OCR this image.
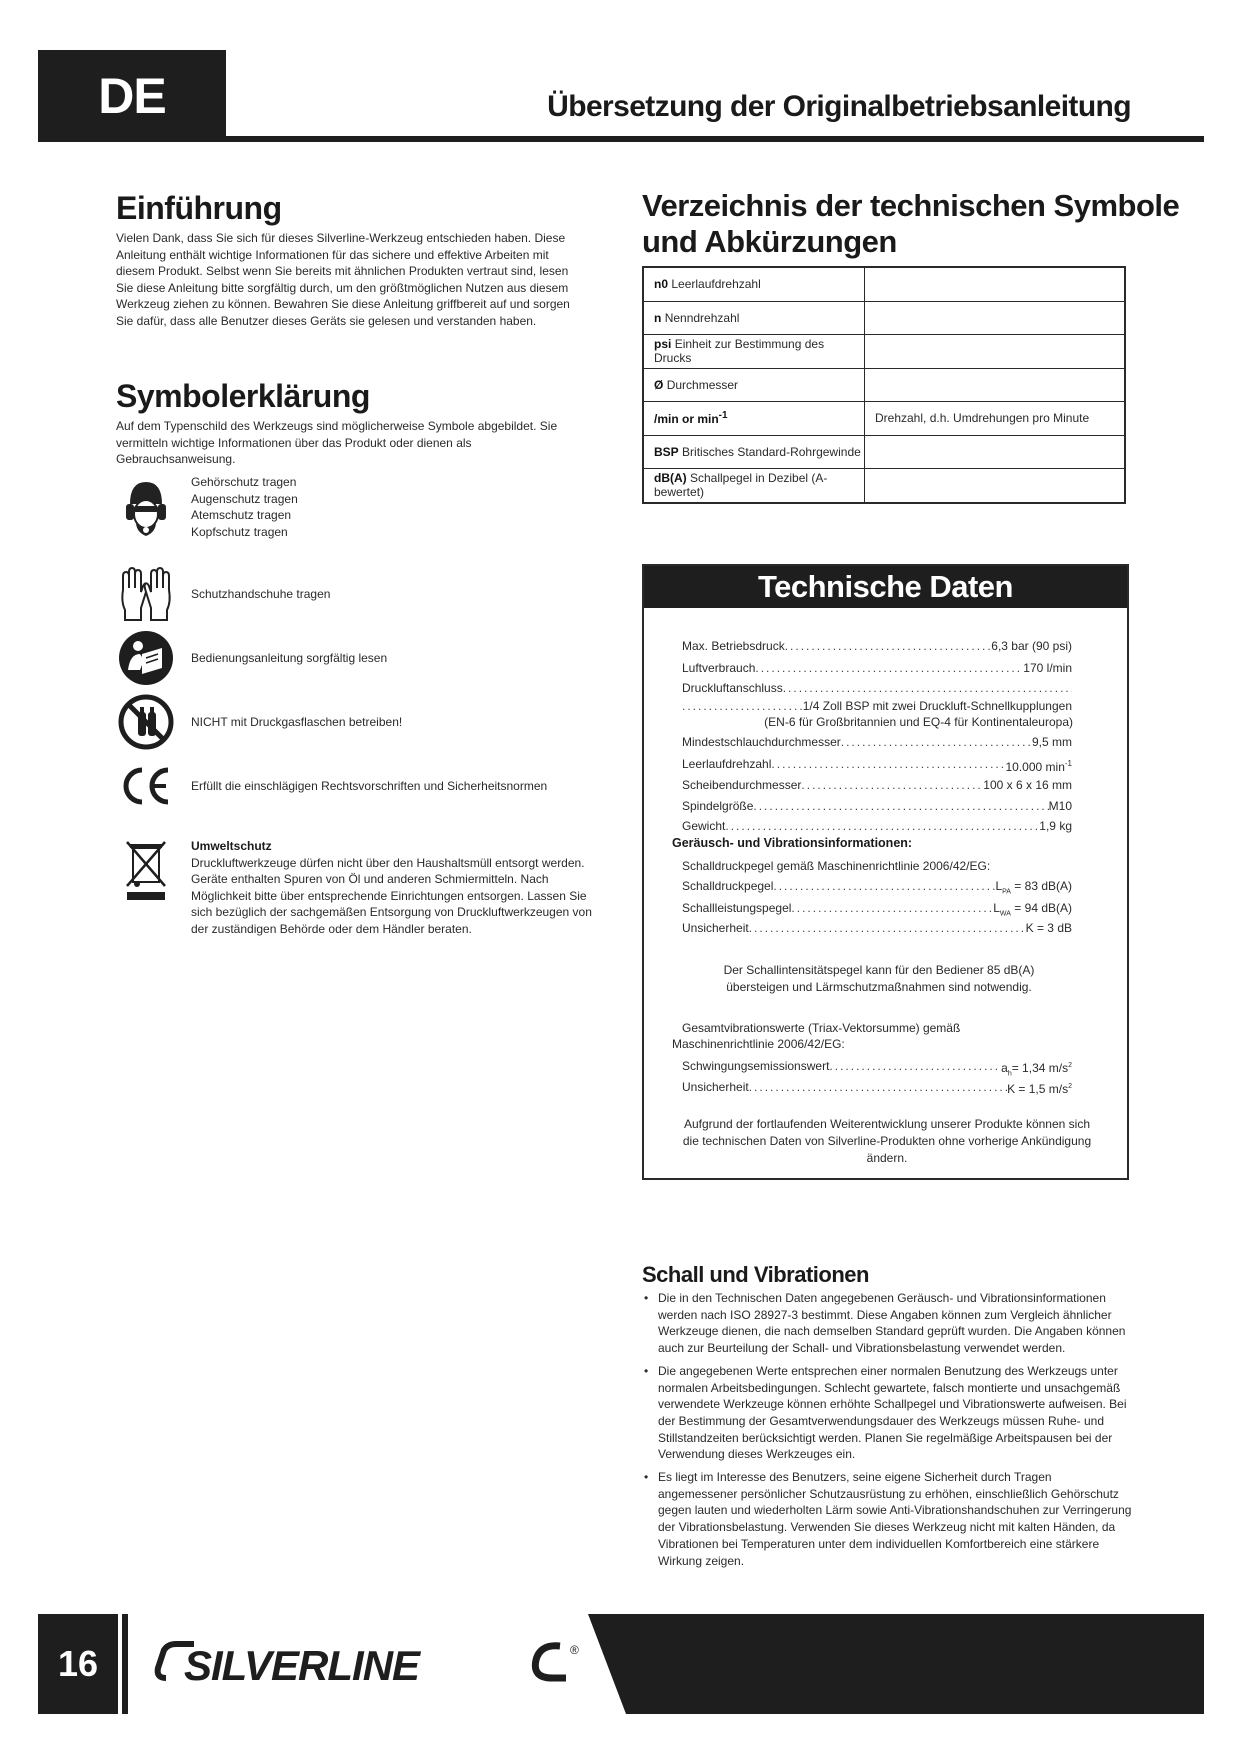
DE	Übersetzung der Originalbetriebsanleitung
Einführung
Vielen Dank, dass Sie sich für dieses Silverline-Werkzeug entschieden haben. Diese Anleitung enthält wichtige Informationen für das sichere und effektive Arbeiten mit diesem Produkt. Selbst wenn Sie bereits mit ähnlichen Produkten vertraut sind, lesen Sie diese Anleitung bitte sorgfältig durch, um den größtmöglichen Nutzen aus diesem Werkzeug ziehen zu können. Bewahren Sie diese Anleitung griffbereit auf und sorgen Sie dafür, dass alle Benutzer dieses Geräts sie gelesen und verstanden haben.
Symbolerklärung
Auf dem Typenschild des Werkzeugs sind möglicherweise Symbole abgebildet. Sie vermitteln wichtige Informationen über das Produkt oder dienen als Gebrauchsanweisung.
Gehörschutz tragen
Augenschutz tragen
Atemschutz tragen
Kopfschutz tragen
Schutzhandschuhe tragen
Bedienungsanleitung sorgfältig lesen
NICHT mit Druckgasflaschen betreiben!
Erfüllt die einschlägigen Rechtsvorschriften und Sicherheitsnormen
Umweltschutz
Druckluftwerkzeuge dürfen nicht über den Haushaltsmüll entsorgt werden. Geräte enthalten Spuren von Öl und anderen Schmiermitteln. Nach Möglichkeit bitte über entsprechende Einrichtungen entsorgen. Lassen Sie sich bezüglich der sachgemäßen Entsorgung von Druckluftwerkzeugen von der zuständigen Behörde oder dem Händler beraten.
Verzeichnis der technischen Symbole
und Abkürzungen
n0 Leerlaufdrehzahl	
n Nenndrehzahl	
psi Einheit zur Bestimmung des Drucks	
Ø Durchmesser	
/min or $\min^{-1}$	Drehzahl, d.h. Umdrehungen pro Minute
BSP Britisches Standard-Rohrgewinde	
dB(A) Schallpegel in Dezibel (A-bewertet)	
Technische Daten
Max. Betriebsdruck .....	6,3 bar (90 psi)
Luftverbrauch .....	170 l/min
Druckluftanschluss
.....
.....
1/4 Zoll BSP mit zwei Druckluft-Schnellkupplungen
(EN-6 für Großbritannien und EQ-4 für Kontinentaleuropa)
Mindestschlauchdurchmesser .....	9,5 mm
Leerlaufdrehzahl .....	10.000 $\min^{-1}$
Scheibendurchmesser .....	100 x 6 x 16 mm
Spindelgröße .....	M10
Gewicht .....	1,9 kg
Geräusch- und Vibrationsinformationen:
Schalldruckpegel gemäß Maschinenrichtlinie 2006/42/EG:
Schalldruckpegel .....	$L_{PA} = 83$ dB(A)
Schallleistungspegel .....	$L_{WA} = 94$ dB(A)
Unsicherheit .....	K = 3 dB
Der Schallintensitätspegel kann für den Bediener 85 dB(A) übersteigen und Lärmschutzmaßnahmen sind notwendig.
Gesamtvibrationswerte (Triax-Vektorsumme) gemäß
Maschinenrichtlinie 2006/42/EG:
Schwingungsemissionswert .....	$a_h= 1,34$ $m/s^2$
Unsicherheit .....	K = 1,5 $m/s^2$
Aufgrund der fortlaufenden Weiterentwicklung unserer Produkte können sich die technischen Daten von Silverline-Produkten ohne vorherige Ankündigung ändern.
Schall und Vibrationen
• Die in den Technischen Daten angegebenen Geräusch- und Vibrationsinformationen werden nach ISO 28927-3 bestimmt. Diese Angaben können zum Vergleich ähnlicher Werkzeuge dienen, die nach demselben Standard geprüft wurden. Die Angaben können auch zur Beurteilung der Schall- und Vibrationsbelastung verwendet werden.
• Die angegebenen Werte entsprechen einer normalen Benutzung des Werkzeugs unter normalen Arbeitsbedingungen. Schlecht gewartete, falsch montierte und unsachgemäß verwendete Werkzeuge können erhöhte Schallpegel und Vibrationswerte aufweisen. Bei der Bestimmung der Gesamtverwendungsdauer des Werkzeugs müssen Ruhe- und Stillstandzeiten berücksichtigt werden. Planen Sie regelmäßige Arbeitspausen bei der Verwendung dieses Werkzeuges ein.
• Es liegt im Interesse des Benutzers, seine eigene Sicherheit durch Tragen angemessener persönlicher Schutzausrüstung zu erhöhen, einschließlich Gehörschutz gegen lauten und wiederholten Lärm sowie Anti-Vibrationshandschuhen zur Verringerung der Vibrationsbelastung. Verwenden Sie dieses Werkzeug nicht mit kalten Händen, da Vibrationen bei Temperaturen unter dem individuellen Komfortbereich eine stärkere Wirkung zeigen.
16	SILVERLINE	®
